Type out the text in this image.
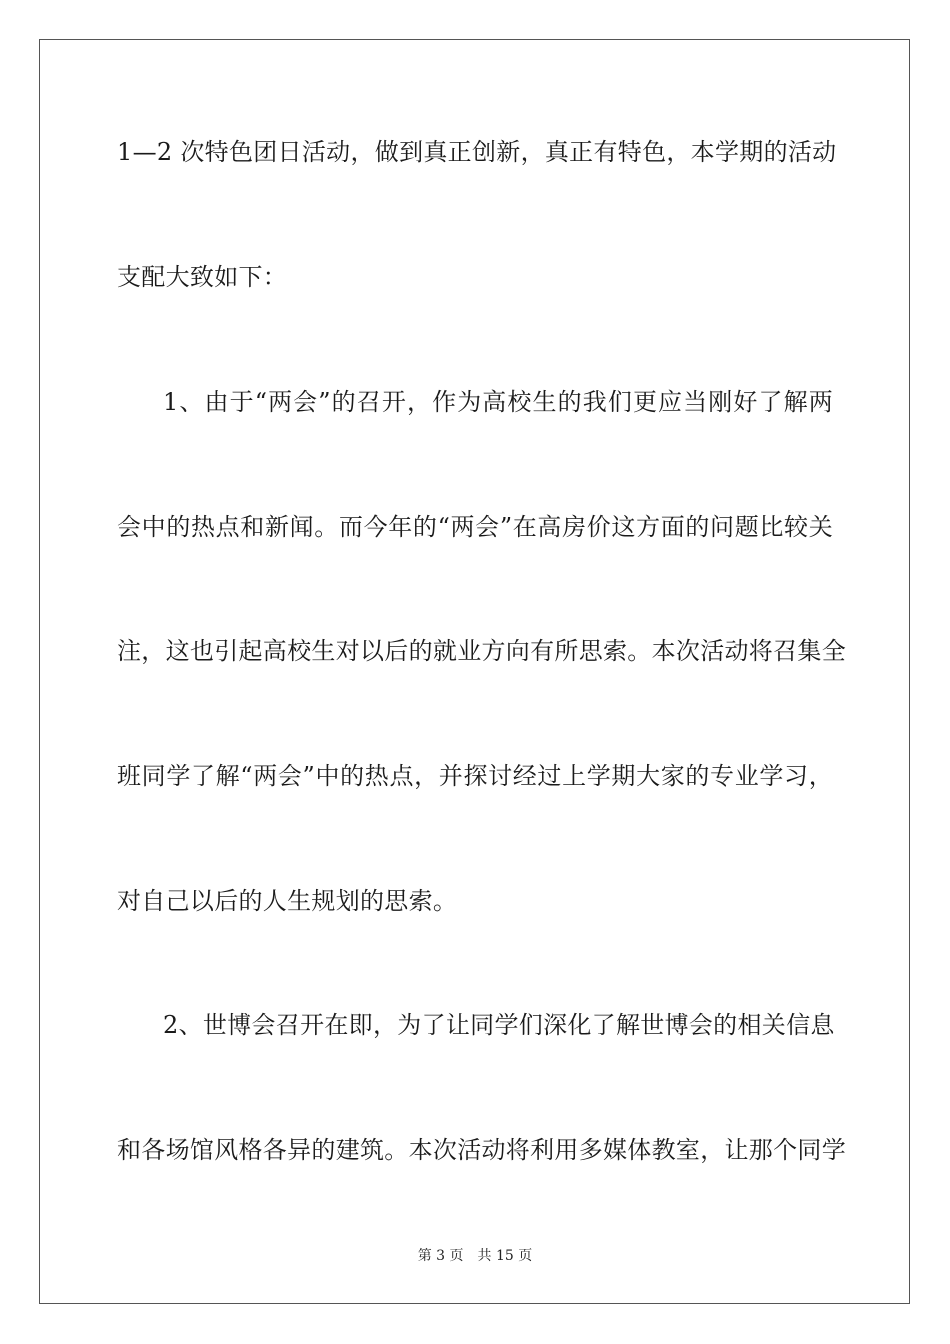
1—2 次特色团日活动，做到真正创新，真正有特色，本学期的活动
支配大致如下：
1、由于“两会”的召开，作为高校生的我们更应当刚好了解两
会中的热点和新闻。而今年的“两会”在高房价这方面的问题比较关
注，这也引起高校生对以后的就业方向有所思索。本次活动将召集全
班同学了解“两会”中的热点，并探讨经过上学期大家的专业学习，
对自己以后的人生规划的思索。
2、世博会召开在即，为了让同学们深化了解世博会的相关信息
和各场馆风格各异的建筑。本次活动将利用多媒体教室，让那个同学
第 3 页 共 15 页
